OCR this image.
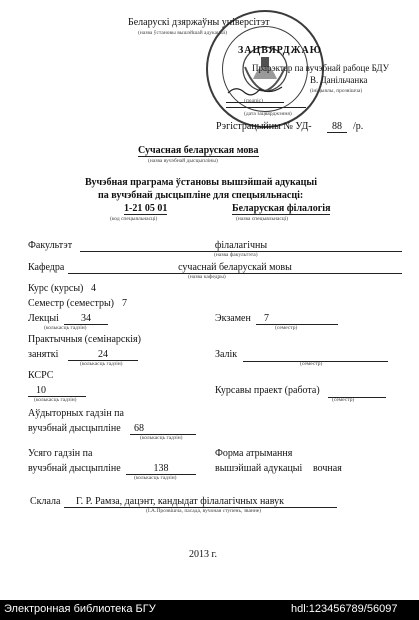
Беларускі дзяржаўны універсітэт
(назва ўстановы вышэйшай адукацыі)
ЗАЦВЯРДЖАЮ
Прарэктар па вучэбнай рабоце БДУ
В. Данільчанка
(подпіс)
(ініцыялы, прозвішча)
(дата зацвярджэння)
Рэгістрацыйны № УД-	88	/р.
Сучасная беларуская мова
(назва вучэбнай дысцыпліны)
Вучэбная праграма ўстановы вышэйшай адукацыі
па вучэбнай дысцыпліне для спецыяльнасці:
1-21 05 01	Беларуская філалогія
(код спецыяльнасці)	(назва спецыяльнасці)
Факультэт	філалагічны
(назва факультэта)
Кафедра	сучаснай беларускай мовы
(назва кафедры)
Курс (курсы) 4
Семестр (семестры) 7
Лекцыі	34
(колькасць гадзін)
Экзамен	7
(семестр)
Практычныя (семінарскія)
заняткі	24
(колькасць гадзін)
Залік
(семестр)
КСРС
10
(колькасць гадзін)
Курсавы праект (работа)
(семестр)
Аўдыторных гадзін па
вучэбнай дысцыпліне	68
(колькасць гадзін)
Усяго гадзін па
вучэбнай дысцыпліне	138
(колькасць гадзін)
Форма атрымання
вышэйшай адукацыі вочная
Склала	Г. Р. Рамза, дацэнт, кандыдат філалагічных навук
(І.А.Прозвішча, пасада, вучоная ступень, званне)
2013 г.
Электронная библиотека БГУ	hdl:123456789/56097
